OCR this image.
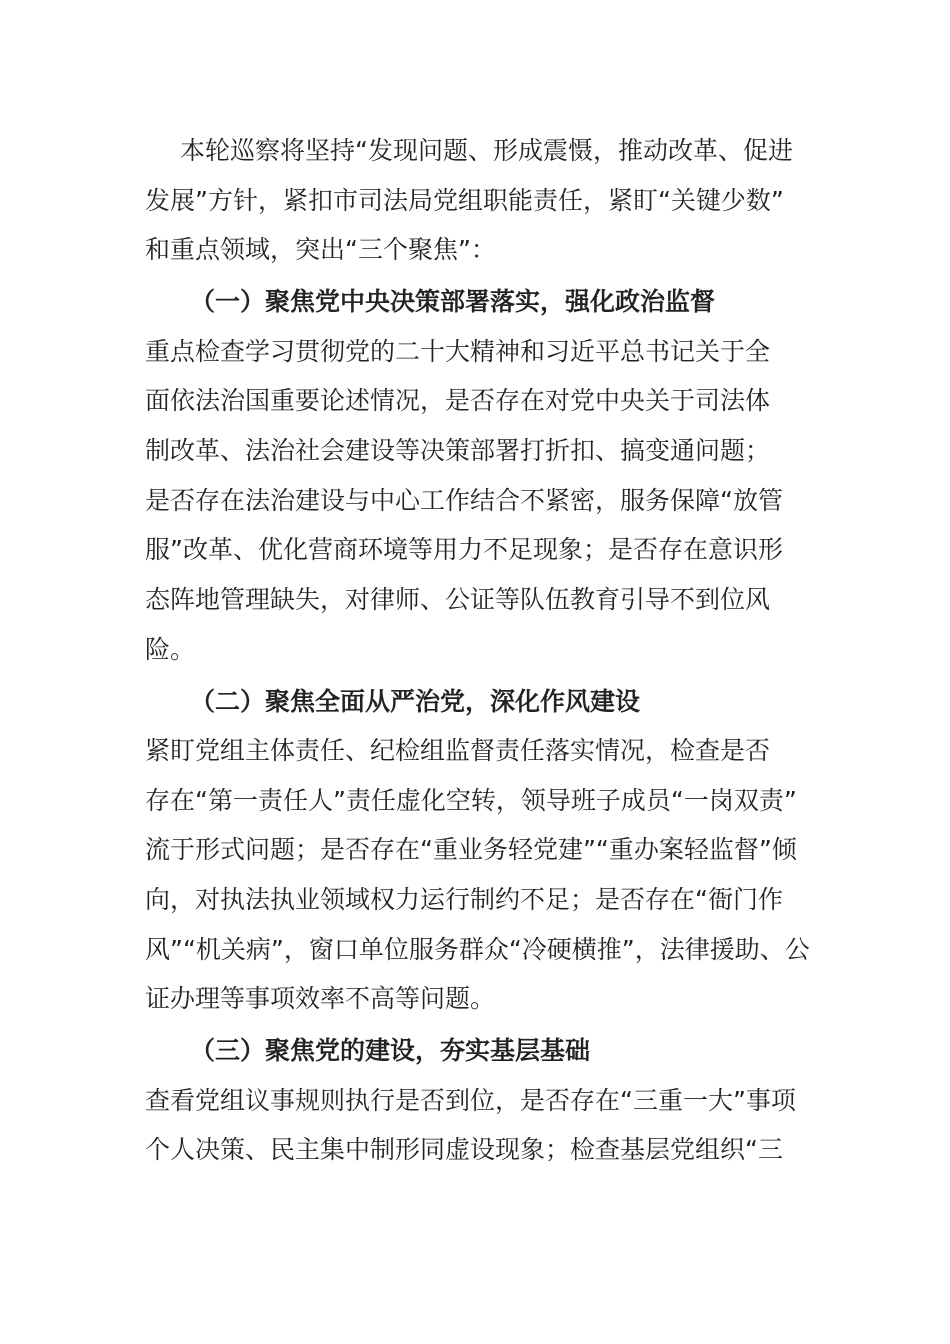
本轮巡察将坚持“发现问题、形成震慑，推动改革、促进
发展”方针，紧扣市司法局党组职能责任，紧盯“关键少数”
和重点领域，突出“三个聚焦”：
（一）聚焦党中央决策部署落实，强化政治监督
重点检查学习贯彻党的二十大精神和习近平总书记关于全
面依法治国重要论述情况，是否存在对党中央关于司法体
制改革、法治社会建设等决策部署打折扣、搞变通问题；
是否存在法治建设与中心工作结合不紧密，服务保障“放管
服”改革、优化营商环境等用力不足现象；是否存在意识形
态阵地管理缺失，对律师、公证等队伍教育引导不到位风
险。
（二）聚焦全面从严治党，深化作风建设
紧盯党组主体责任、纪检组监督责任落实情况，检查是否
存在“第一责任人”责任虚化空转，领导班子成员“一岗双责”
流于形式问题；是否存在“重业务轻党建”“重办案轻监督”倾
向，对执法执业领域权力运行制约不足；是否存在“衙门作
风”“机关病”，窗口单位服务群众“冷硬横推”，法律援助、公
证办理等事项效率不高等问题。
（三）聚焦党的建设，夯实基层基础
查看党组议事规则执行是否到位，是否存在“三重一大”事项
个人决策、民主集中制形同虚设现象；检查基层党组织“三
